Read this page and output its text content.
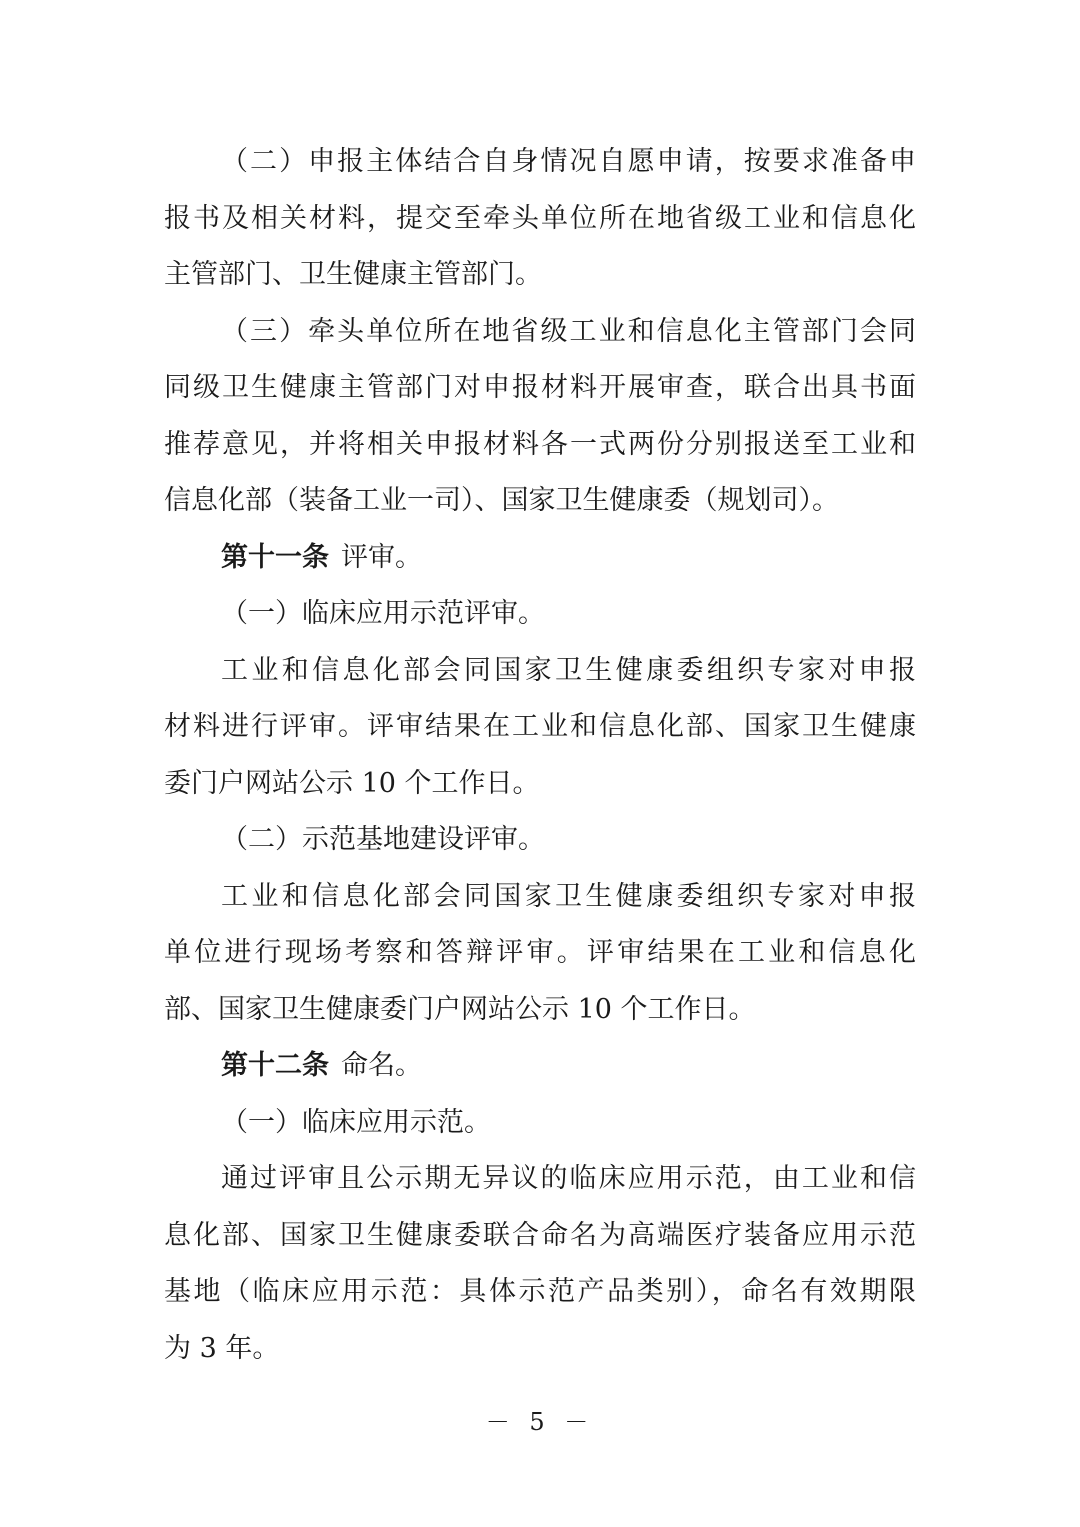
（二）申报主体结合自身情况自愿申请，按要求准备申
报书及相关材料，提交至牵头单位所在地省级工业和信息化
主管部门、卫生健康主管部门。
（三）牵头单位所在地省级工业和信息化主管部门会同
同级卫生健康主管部门对申报材料开展审查，联合出具书面
推荐意见，并将相关申报材料各一式两份分别报送至工业和
信息化部（装备工业一司）、国家卫生健康委（规划司）。
第十一条 评审。
（一）临床应用示范评审。
工业和信息化部会同国家卫生健康委组织专家对申报
材料进行评审。评审结果在工业和信息化部、国家卫生健康
委门户网站公示 10 个工作日。
（二）示范基地建设评审。
工业和信息化部会同国家卫生健康委组织专家对申报
单位进行现场考察和答辩评审。评审结果在工业和信息化
部、国家卫生健康委门户网站公示 10 个工作日。
第十二条 命名。
（一）临床应用示范。
通过评审且公示期无异议的临床应用示范，由工业和信
息化部、国家卫生健康委联合命名为高端医疗装备应用示范
基地（临床应用示范：具体示范产品类别），命名有效期限
为 3 年。
－ 5 －
